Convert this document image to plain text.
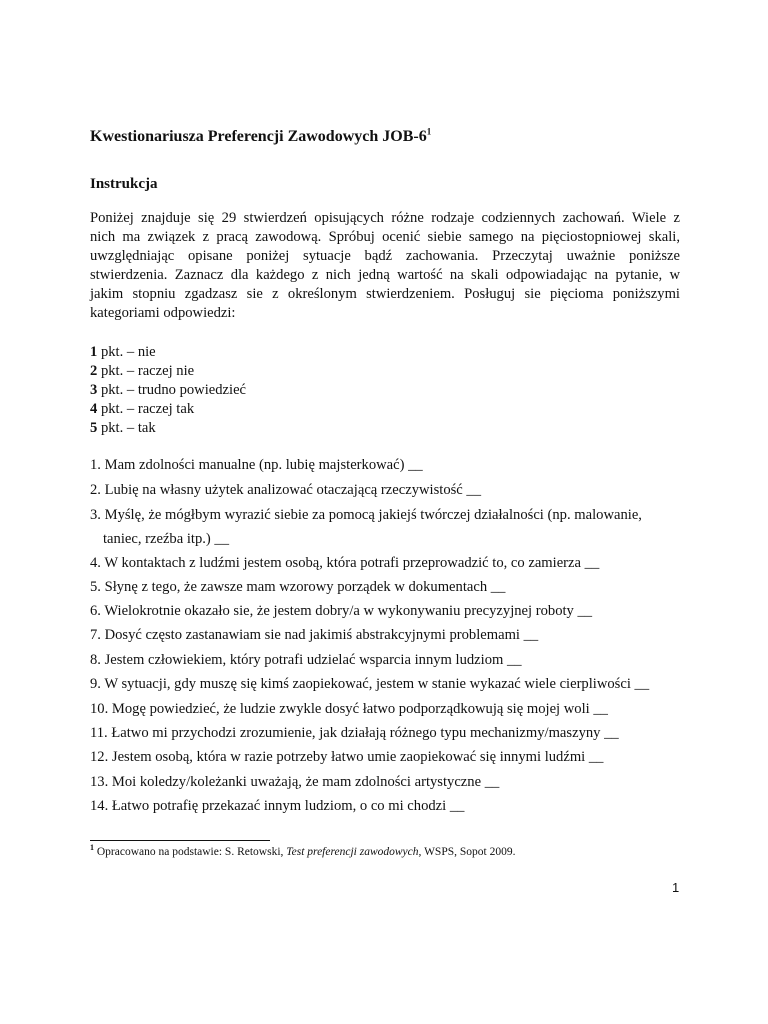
Kwestionariusza Preferencji Zawodowych JOB-$6^1$
Instrukcja
Poniżej znajduje się 29 stwierdzeń opisujących różne rodzaje codziennych zachowań. Wiele z
nich ma związek z pracą zawodową. Spróbuj ocenić siebie samego na pięciostopniowej skali,
uwzględniając opisane poniżej sytuacje bądź zachowania. Przeczytaj uważnie poniższe
stwierdzenia. Zaznacz dla każdego z nich jedną wartość na skali odpowiadając na pytanie, w
jakim stopniu zgadzasz sie z określonym stwierdzeniem. Posługuj sie pięcioma poniższymi
kategoriami odpowiedzi:
1 pkt. – nie
2 pkt. – raczej nie
3 pkt. – trudno powiedzieć
4 pkt. – raczej tak
5 pkt. – tak
1. Mam zdolności manualne (np. lubię majsterkować) __
2. Lubię na własny użytek analizować otaczającą rzeczywistość __
3. Myślę, że mógłbym wyrazić siebie za pomocą jakiejś twórczej działalności (np. malowanie,
taniec, rzeźba itp.) __
4. W kontaktach z ludźmi jestem osobą, która potrafi przeprowadzić to, co zamierza __
5. Słynę z tego, że zawsze mam wzorowy porządek w dokumentach __
6. Wielokrotnie okazało sie, że jestem dobry/a w wykonywaniu precyzyjnej roboty __
7. Dosyć często zastanawiam sie nad jakimiś abstrakcyjnymi problemami __
8. Jestem człowiekiem, który potrafi udzielać wsparcia innym ludziom __
9. W sytuacji, gdy muszę się kimś zaopiekować, jestem w stanie wykazać wiele cierpliwości __
10. Mogę powiedzieć, że ludzie zwykle dosyć łatwo podporządkowują się mojej woli __
11. Łatwo mi przychodzi zrozumienie, jak działają różnego typu mechanizmy/maszyny __
12. Jestem osobą, która w razie potrzeby łatwo umie zaopiekować się innymi ludźmi __
13. Moi koledzy/koleżanki uważają, że mam zdolności artystyczne __
14. Łatwo potrafię przekazać innym ludziom, o co mi chodzi __
$^1$ Opracowano na podstawie: S. Retowski, Test preferencji zawodowych, WSPS, Sopot 2009.
1
